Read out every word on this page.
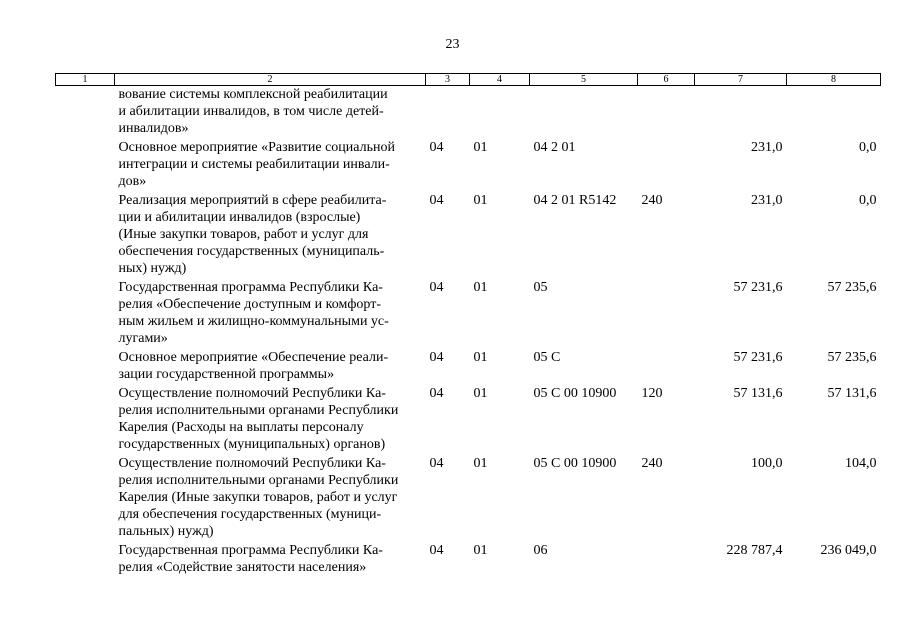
23
1	2	3	4	5	6	7	8

	вование системы комплексной реабилитации
и абилитации инвалидов, в том числе детей-
инвалидов»						

	Основное мероприятие «Развитие социальной
интеграции и системы реабилитации инвали-
дов»	04	01	04 2 01		231,0	0,0

	Реализация мероприятий в сфере реабилита-
ции и абилитации инвалидов (взрослые)
(Иные закупки товаров, работ и услуг для
обеспечения государственных (муниципаль-
ных) нужд)	04	01	04 2 01 R5142	240	231,0	0,0

	Государственная программа Республики Ка-
релия «Обеспечение доступным и комфорт-
ным жильем и жилищно-коммунальными ус-
лугами»	04	01	05		57 231,6	57 235,6

	Основное мероприятие «Обеспечение реали-
зации государственной программы»	04	01	05 С		57 231,6	57 235,6

	Осуществление полномочий Республики Ка-
релия исполнительными органами Республики
Карелия (Расходы на выплаты персоналу
государственных (муниципальных) органов)	04	01	05 С 00 10900	120	57 131,6	57 131,6

	Осуществление полномочий Республики Ка-
релия исполнительными органами Республики
Карелия (Иные закупки товаров, работ и услуг
для обеспечения государственных (муници-
пальных) нужд)	04	01	05 С 00 10900	240	100,0	104,0

	Государственная программа Республики Ка-
релия «Содействие занятости населения»	04	01	06		228 787,4	236 049,0
